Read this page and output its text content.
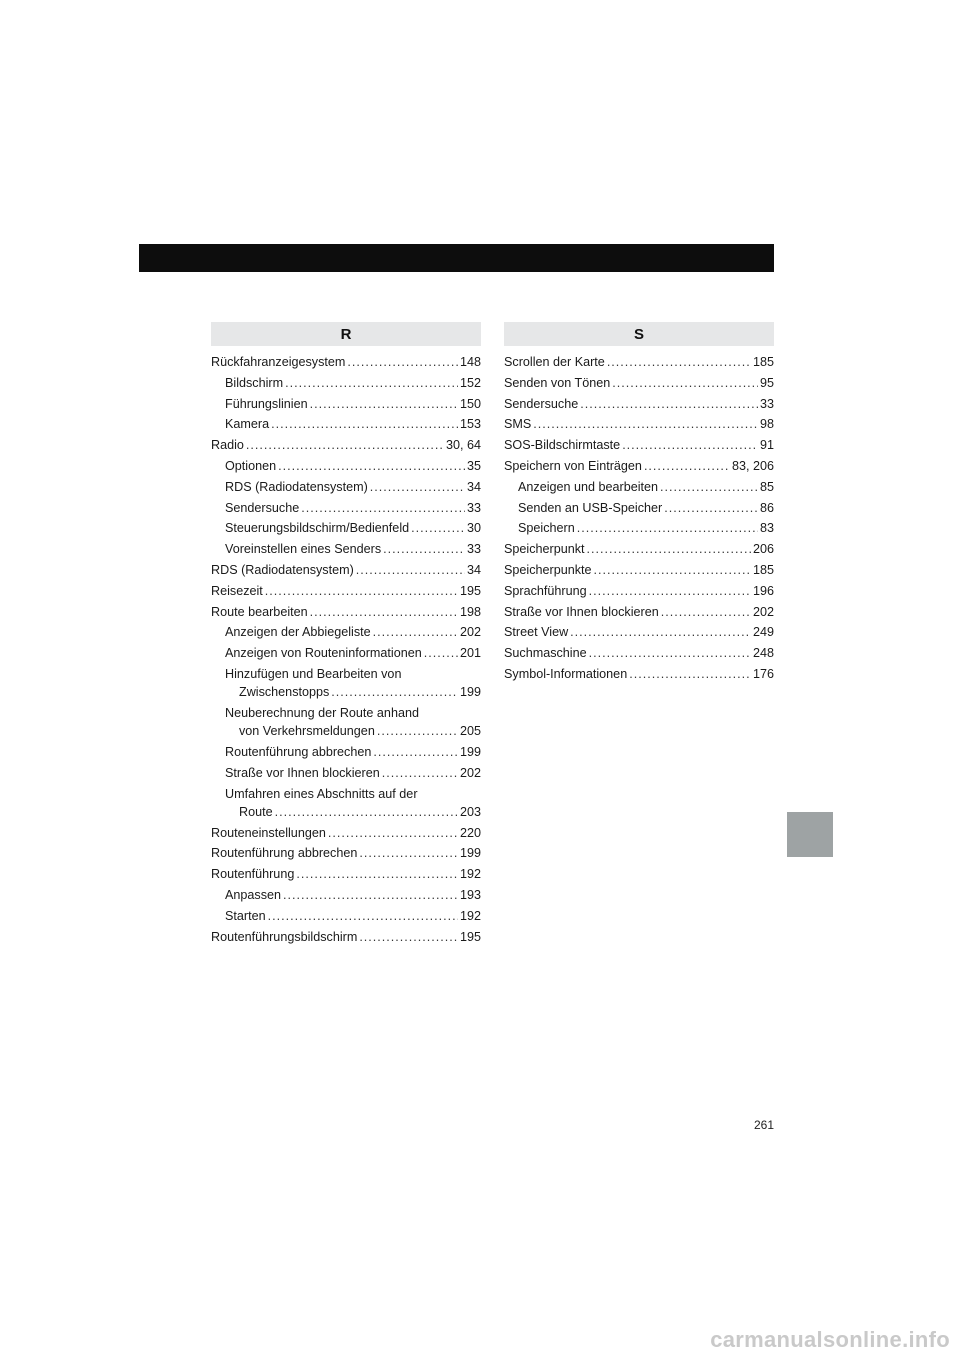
R
Rückfahranzeigesystem .....	148
Bildschirm .....	152
Führungslinien .....	150
Kamera .....	153
Radio .....	30, 64
Optionen .....	35
RDS (Radiodatensystem) .....	34
Sendersuche .....	33
Steuerungsbildschirm/Bedienfeld .....	30
Voreinstellen eines Senders .....	33
RDS (Radiodatensystem) .....	34
Reisezeit .....	195
Route bearbeiten .....	198
Anzeigen der Abbiegeliste .....	202
Anzeigen von Routeninformationen .....	201
Hinzufügen und Bearbeiten von
Zwischenstopps .....	199
Neuberechnung der Route anhand
von Verkehrsmeldungen .....	205
Routenführung abbrechen .....	199
Straße vor Ihnen blockieren .....	202
Umfahren eines Abschnitts auf der
Route .....	203
Routeneinstellungen .....	220
Routenführung abbrechen .....	199
Routenführung .....	192
Anpassen .....	193
Starten .....	192
Routenführungsbildschirm .....	195
S
Scrollen der Karte .....	185
Senden von Tönen .....	95
Sendersuche .....	33
SMS .....	98
SOS-Bildschirmtaste .....	91
Speichern von Einträgen .....	83, 206
Anzeigen und bearbeiten .....	85
Senden an USB-Speicher .....	86
Speichern .....	83
Speicherpunkt .....	206
Speicherpunkte .....	185
Sprachführung .....	196
Straße vor Ihnen blockieren .....	202
Street View .....	249
Suchmaschine .....	248
Symbol-Informationen .....	176
261
carmanualsonline.info
